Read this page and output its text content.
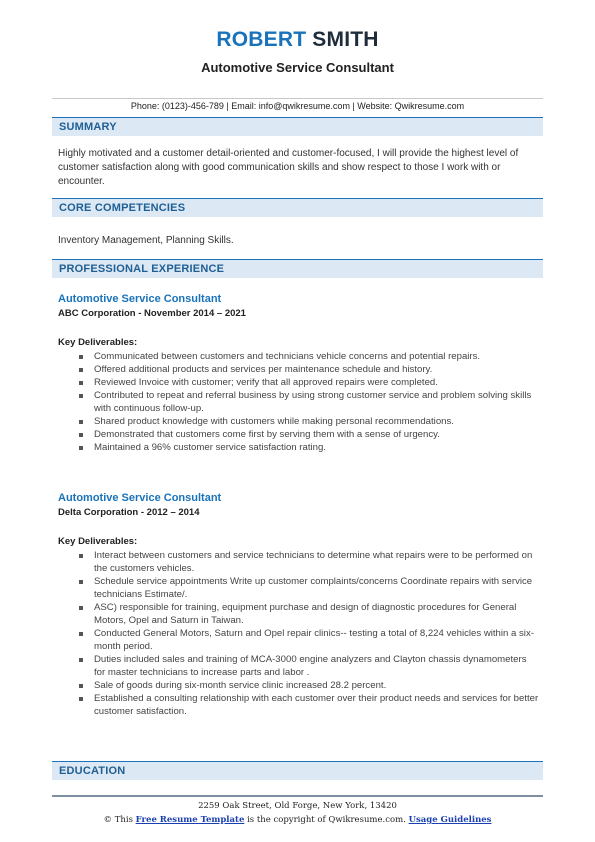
ROBERT SMITH
Automotive Service Consultant
Phone: (0123)-456-789 | Email: info@qwikresume.com | Website: Qwikresume.com
SUMMARY
Highly motivated and a customer detail-oriented and customer-focused, I will provide the highest level of customer satisfaction along with good communication skills and show respect to those I work with or encounter.
CORE COMPETENCIES
Inventory Management, Planning Skills.
PROFESSIONAL EXPERIENCE
Automotive Service Consultant
ABC Corporation - November 2014 – 2021
Key Deliverables:
Communicated between customers and technicians vehicle concerns and potential repairs.
Offered additional products and services per maintenance schedule and history.
Reviewed Invoice with customer; verify that all approved repairs were completed.
Contributed to repeat and referral business by using strong customer service and problem solving skills with continuous follow-up.
Shared product knowledge with customers while making personal recommendations.
Demonstrated that customers come first by serving them with a sense of urgency.
Maintained a 96% customer service satisfaction rating.
Automotive Service Consultant
Delta Corporation - 2012 – 2014
Key Deliverables:
Interact between customers and service technicians to determine what repairs were to be performed on the customers vehicles.
Schedule service appointments Write up customer complaints/concerns Coordinate repairs with service technicians Estimate/.
ASC) responsible for training, equipment purchase and design of diagnostic procedures for General Motors, Opel and Saturn in Taiwan.
Conducted General Motors, Saturn and Opel repair clinics-- testing a total of 8,224 vehicles within a six- month period.
Duties included sales and training of MCA-3000 engine analyzers and Clayton chassis dynamometers for master technicians to increase parts and labor .
Sale of goods during six-month service clinic increased 28.2 percent.
Established a consulting relationship with each customer over their product needs and services for better customer satisfaction.
EDUCATION
2259 Oak Street, Old Forge, New York, 13420
© This Free Resume Template is the copyright of Qwikresume.com. Usage Guidelines
